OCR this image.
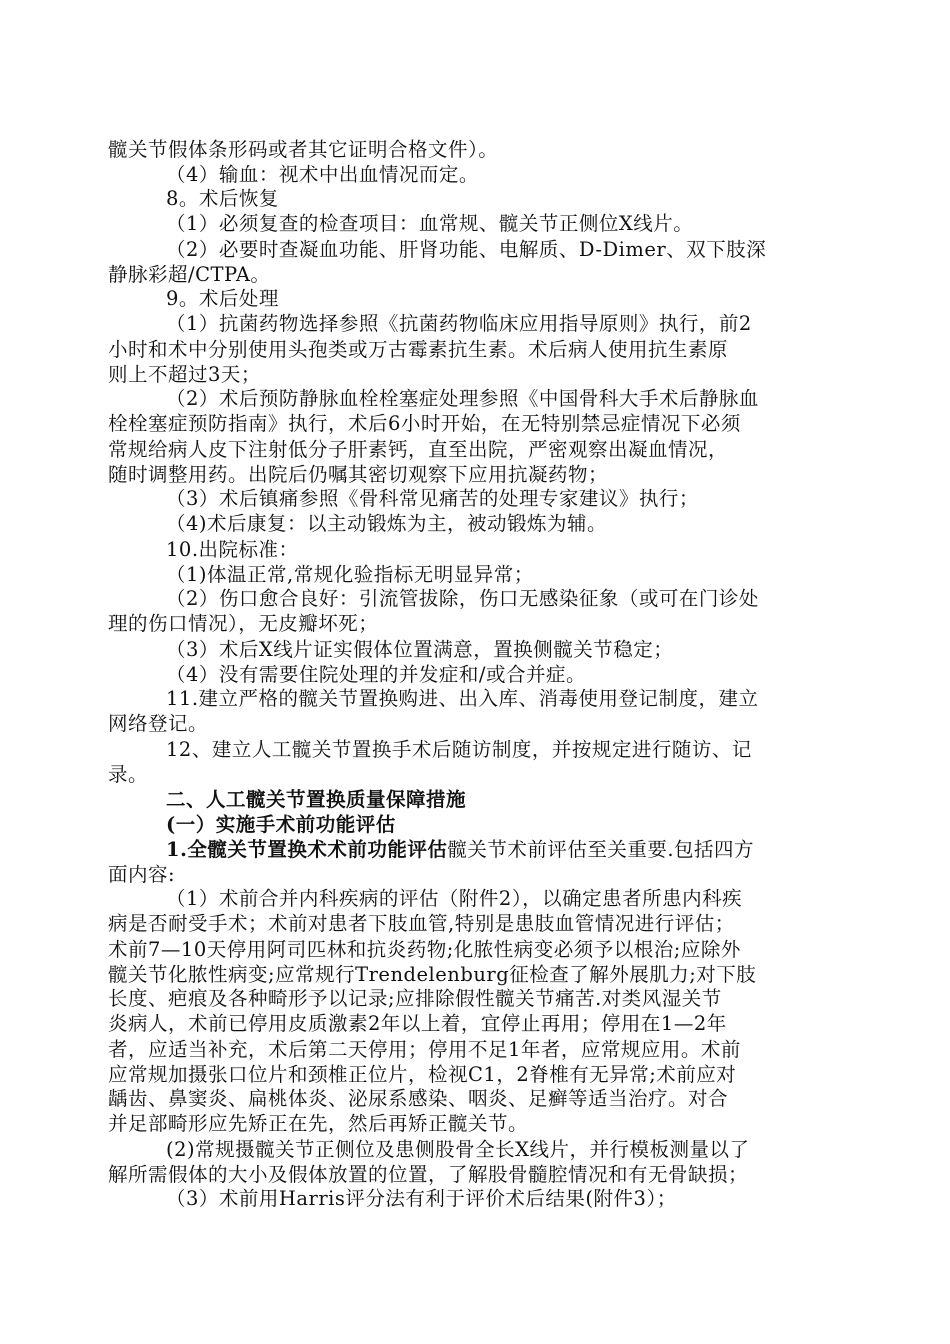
髋关节假体条形码或者其它证明合格文件）。
（4）输血：视术中出血情况而定。
8。术后恢复
（1）必须复查的检查项目：血常规、髋关节正侧位X线片。
（2）必要时查凝血功能、肝肾功能、电解质、D-Dimer、双下肢深
静脉彩超/CTPA。
9。术后处理
（1）抗菌药物选择参照《抗菌药物临床应用指导原则》执行，前2
小时和术中分别使用头孢类或万古霉素抗生素。术后病人使用抗生素原
则上不超过3天；
（2）术后预防静脉血栓栓塞症处理参照《中国骨科大手术后静脉血
栓栓塞症预防指南》执行，术后6小时开始，在无特别禁忌症情况下必须
常规给病人皮下注射低分子肝素钙，直至出院，严密观察出凝血情况，
随时调整用药。出院后仍嘱其密切观察下应用抗凝药物；
（3）术后镇痛参照《骨科常见痛苦的处理专家建议》执行；
（4)术后康复：以主动锻炼为主，被动锻炼为辅。
10.出院标准：
（1)体温正常,常规化验指标无明显异常；
（2）伤口愈合良好：引流管拔除，伤口无感染征象（或可在门诊处
理的伤口情况），无皮瓣坏死；
（3）术后X线片证实假体位置满意，置换侧髋关节稳定；
（4）没有需要住院处理的并发症和/或合并症。
11.建立严格的髋关节置换购进、出入库、消毒使用登记制度，建立
网络登记。
12、建立人工髋关节置换手术后随访制度，并按规定进行随访、记
录。
二、人工髋关节置换质量保障措施
(一）实施手术前功能评估
1.全髋关节置换术术前功能评估髋关节术前评估至关重要.包括四方
面内容:
（1）术前合并内科疾病的评估（附件2），以确定患者所患内科疾
病是否耐受手术；术前对患者下肢血管,特别是患肢血管情况进行评估；
术前7—10天停用阿司匹林和抗炎药物;化脓性病变必须予以根治;应除外
髋关节化脓性病变;应常规行Trendelenburg征检查了解外展肌力;对下肢
长度、疤痕及各种畸形予以记录;应排除假性髋关节痛苦.对类风湿关节
炎病人，术前已停用皮质激素2年以上着，宜停止再用；停用在1—2年
者，应适当补充，术后第二天停用；停用不足1年者，应常规应用。术前
应常规加摄张口位片和颈椎正位片，检视C1，2脊椎有无异常;术前应对
龋齿、鼻窦炎、扁桃体炎、泌尿系感染、咽炎、足癣等适当治疗。对合
并足部畸形应先矫正在先，然后再矫正髋关节。
(2)常规摄髋关节正侧位及患侧股骨全长X线片，并行模板测量以了
解所需假体的大小及假体放置的位置，了解股骨髓腔情况和有无骨缺损；
（3）术前用Harris评分法有利于评价术后结果(附件3）；
